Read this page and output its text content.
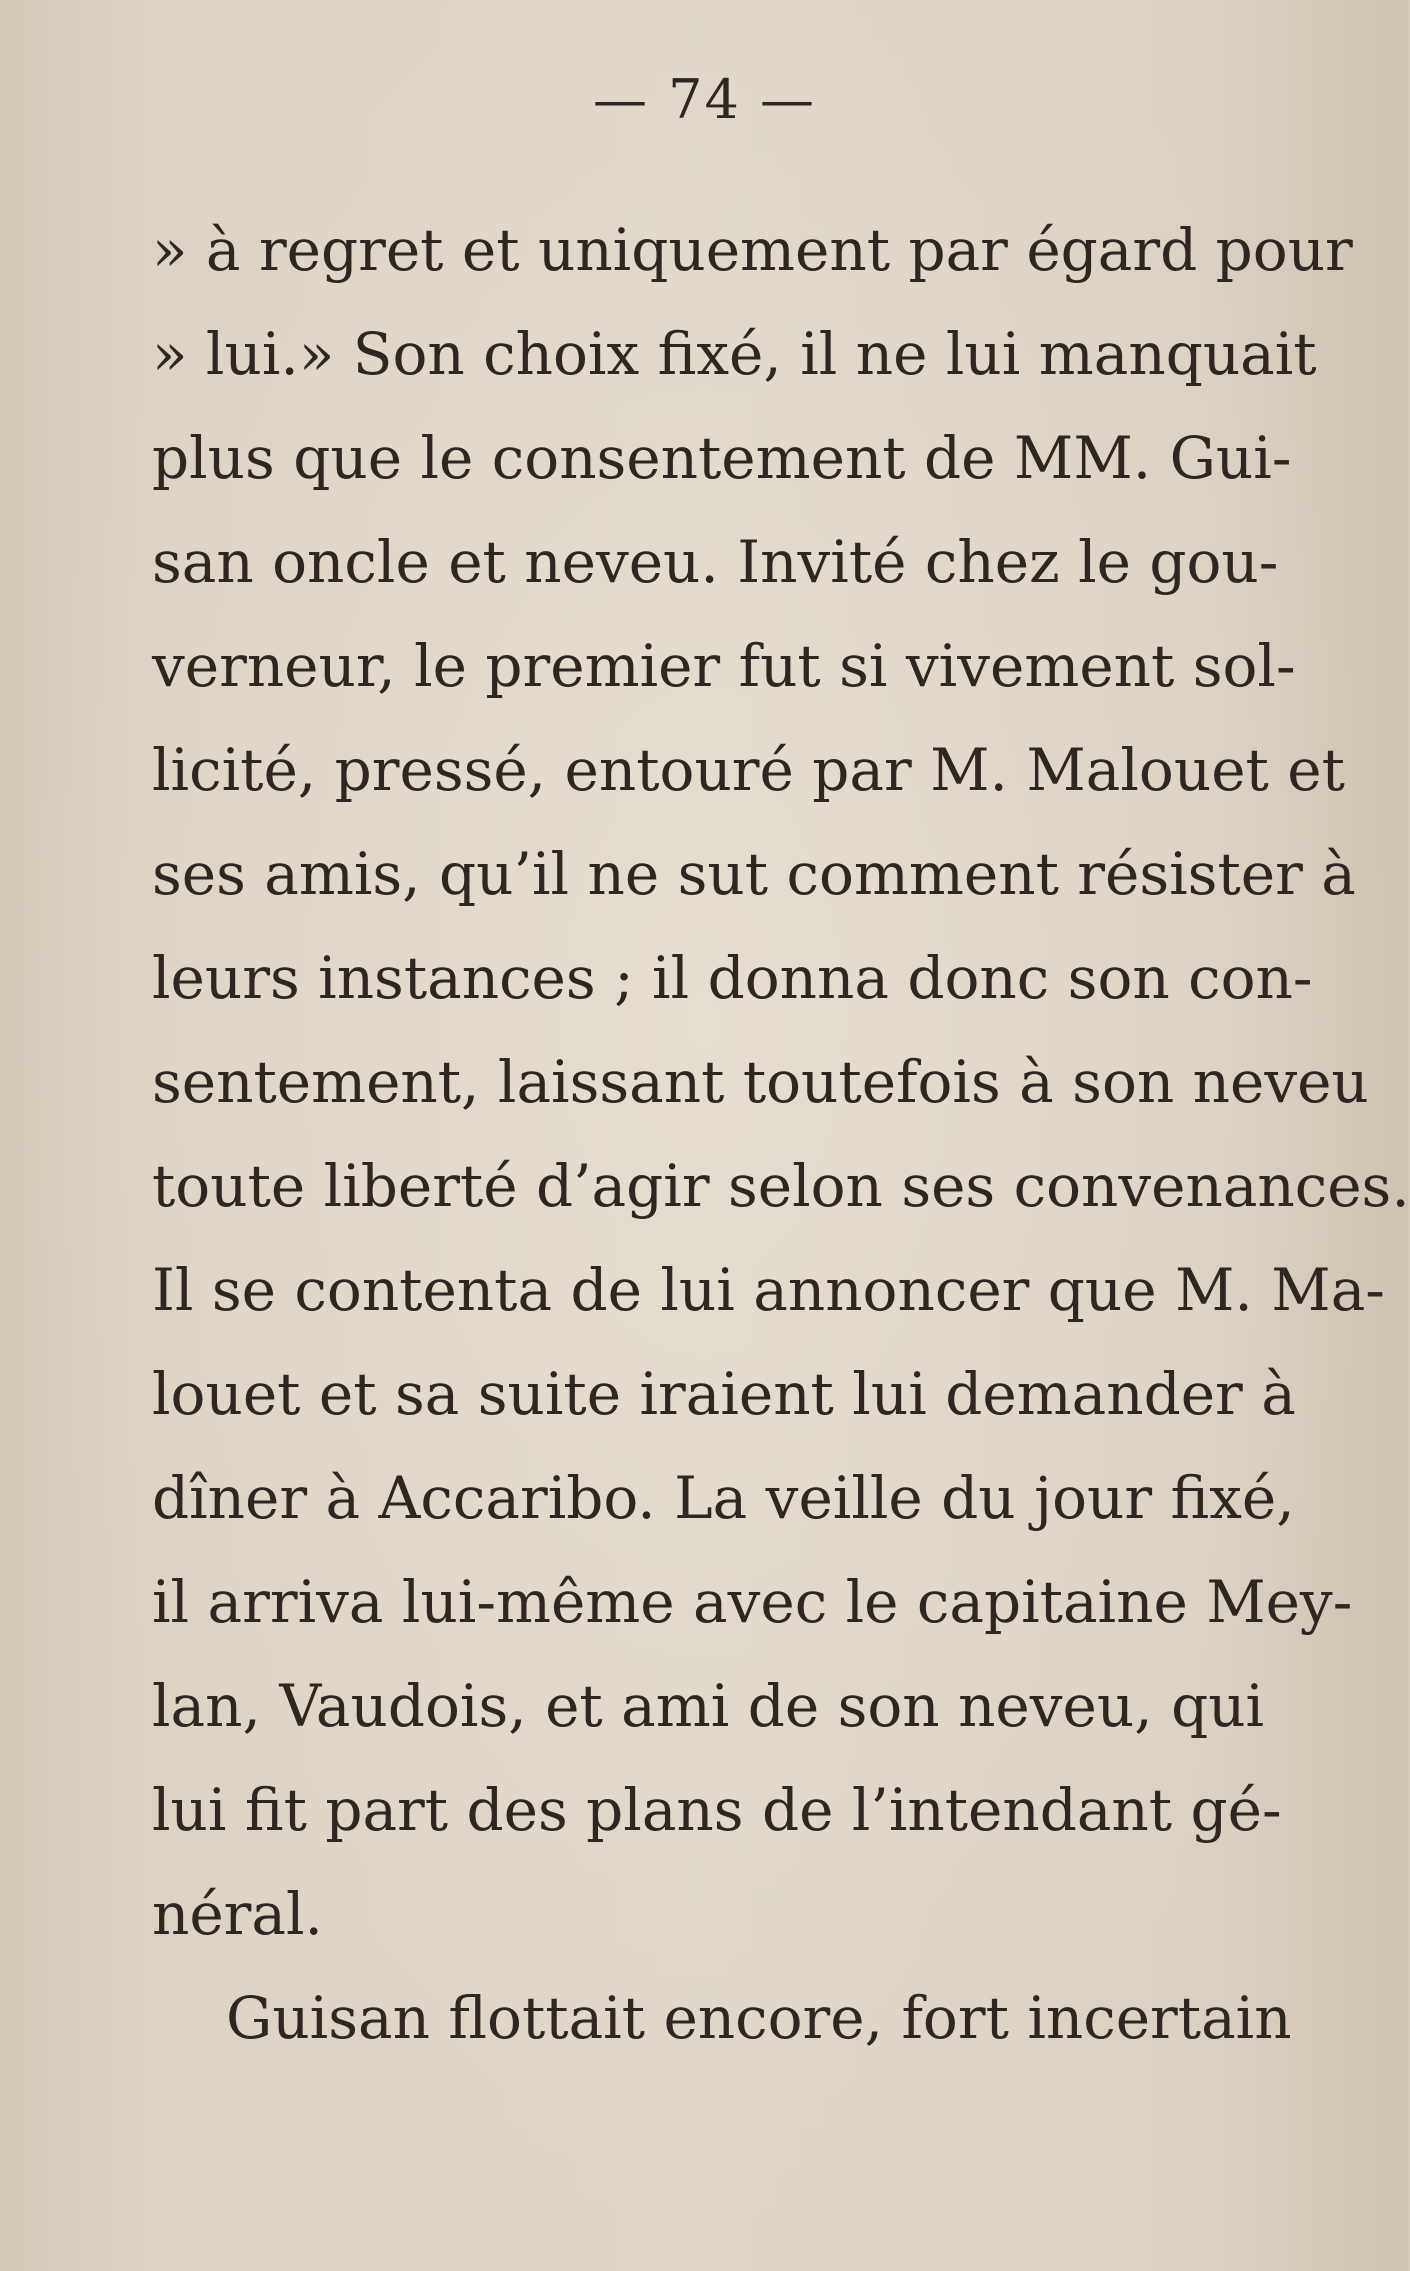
— 74 —
» à regret et uniquement par égard pour
» lui.» Son choix fixé, il ne lui manquait
plus que le consentement de MM. Gui-
san oncle et neveu. Invité chez le gou-
verneur, le premier fut si vivement sol-
licité, pressé, entouré par M. Malouet et
ses amis, qu’il ne sut comment résister à
leurs instances ; il donna donc son con-
sentement, laissant toutefois à son neveu
toute liberté d’agir selon ses convenances.
Il se contenta de lui annoncer que M. Ma-
louet et sa suite iraient lui demander à
dîner à Accaribo. La veille du jour fixé,
il arriva lui-même avec le capitaine Mey-
lan, Vaudois, et ami de son neveu, qui
lui fit part des plans de l’intendant gé-
néral.
Guisan flottait encore, fort incertain
